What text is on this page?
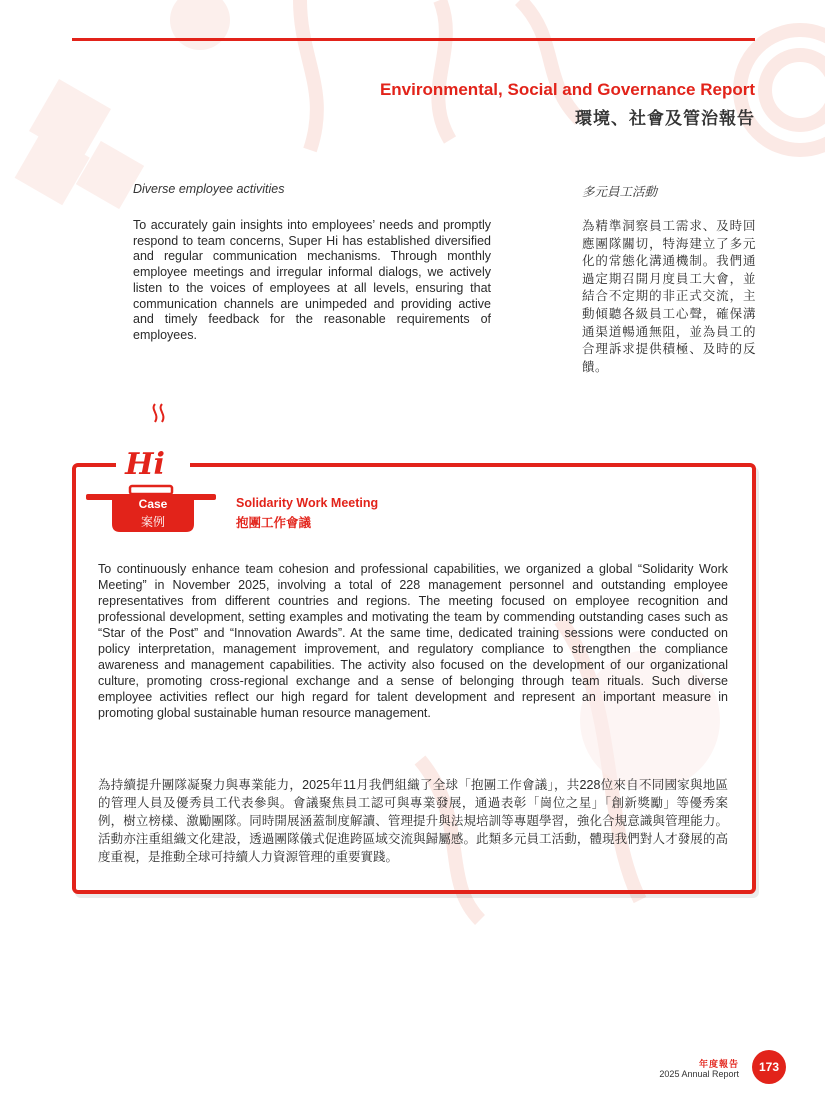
Environmental, Social and Governance Report
環境、社會及管治報告
Diverse employee activities	多元員工活動

To accurately gain insights into employees’ needs and promptly respond to team concerns, Super Hi has established diversified and regular communication mechanisms. Through monthly employee meetings and irregular informal dialogs, we actively listen to the voices of employees at all levels, ensuring that communication channels are unimpeded and providing active and timely feedback for the reasonable requirements of employees.

為精準洞察員工需求、及時回應團隊關切，特海建立了多元化的常態化溝通機制。我們通過定期召開月度員工大會，並結合不定期的非正式交流，主動傾聽各級員工心聲，確保溝通渠道暢通無阻，並為員工的合理訴求提供積極、及時的反饋。

Hi
Case
案例
Solidarity Work Meeting
抱團工作會議

To continuously enhance team cohesion and professional capabilities, we organized a global “Solidarity Work Meeting” in November 2025, involving a total of 228 management personnel and outstanding employee representatives from different countries and regions. The meeting focused on employee recognition and professional development, setting examples and motivating the team by commending outstanding cases such as “Star of the Post” and “Innovation Awards”. At the same time, dedicated training sessions were conducted on policy interpretation, management improvement, and regulatory compliance to strengthen the compliance awareness and management capabilities. The activity also focused on the development of our organizational culture, promoting cross-regional exchange and a sense of belonging through team rituals. Such diverse employee activities reflect our high regard for talent development and represent an important measure in promoting global sustainable human resource management.

為持續提升團隊凝聚力與專業能力，2025年11月我們組織了全球「抱團工作會議」，共228位來自不同國家與地區的管理人員及優秀員工代表參與。會議聚焦員工認可與專業發展，通過表彰「崗位之星」「創新獎勵」等優秀案例，樹立榜樣、激勵團隊。同時開展涵蓋制度解讀、管理提升與法規培訓等專題學習，強化合規意識與管理能力。活動亦注重組織文化建設，透過團隊儀式促進跨區域交流與歸屬感。此類多元員工活動，體現我們對人才發展的高度重視，是推動全球可持續人力資源管理的重要實踐。

年度報告
2025 Annual Report	173
